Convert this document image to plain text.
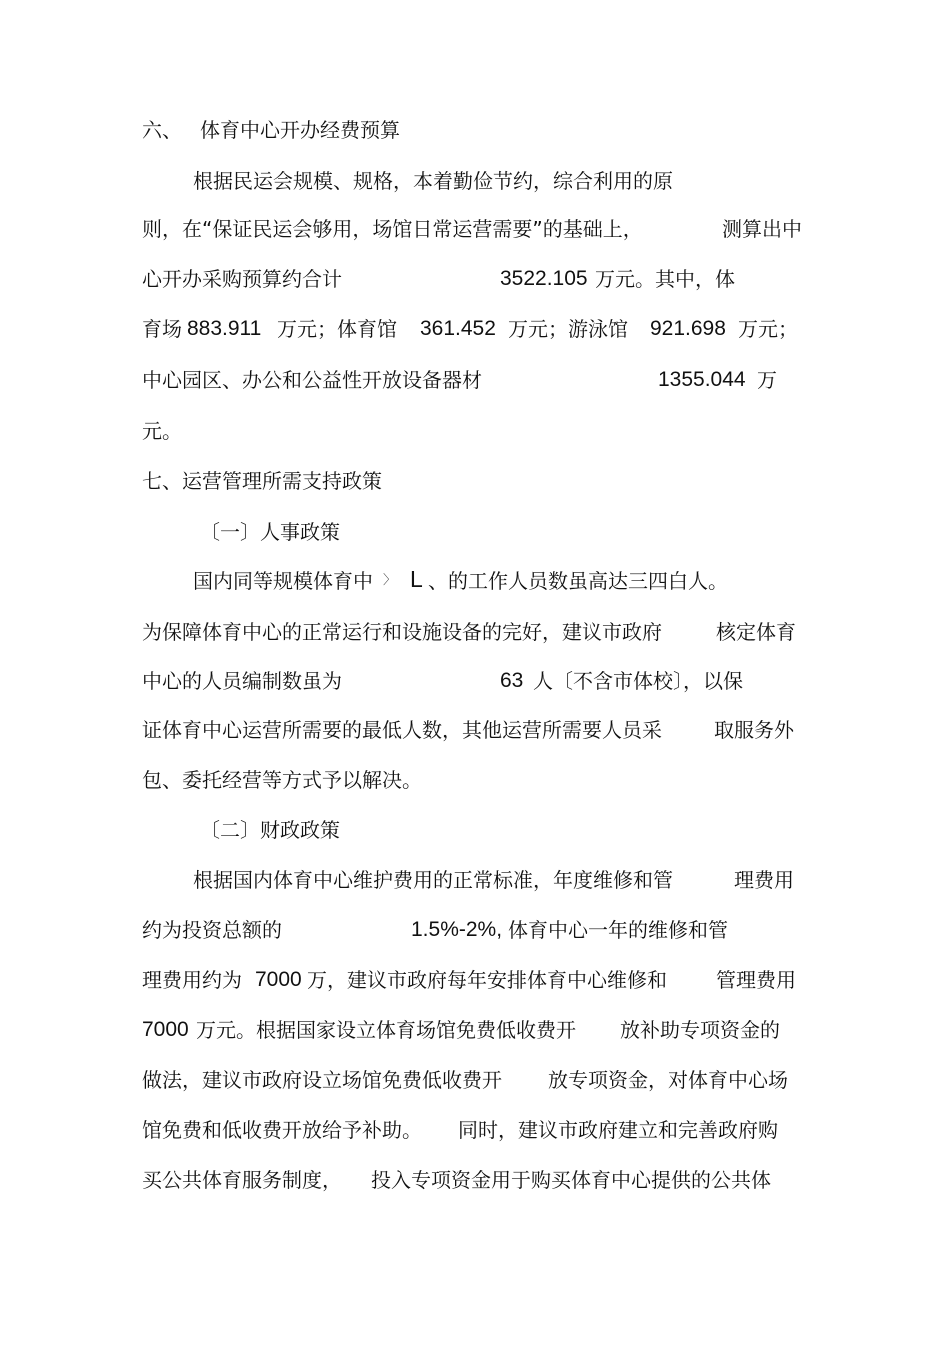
六、 体育中心开办经费预算
根据民运会规模、规格，本着勤俭节约，综合利用的原
则，在“保证民运会够用，场馆日常运营需要”的基础上，	测算出中
心开办采购预算约合计	3522.105 万元。其中，体
育场 883.911 万元；体育馆 361.452 万元；游泳馆 921.698 万元；
中心园区、办公和公益性开放设备器材	1355.044 万
元。
七、运营管理所需支持政策
〔一〕人事政策
国内同等规模体育中 〉 L 、的工作人员数虽高达三四白人。
为保障体育中心的正常运行和设施设备的完好，建议市政府	核定体育
中心的人员编制数虽为	63 人〔不含市体校〕，以保
证体育中心运营所需要的最低人数，其他运营所需要人员采	取服务外
包、委托经营等方式予以解决。
〔二〕财政政策
根据国内体育中心维护费用的正常标准，年度维修和管	理费用
约为投资总额的	1.5%-2%, 体育中心一年的维修和管
理费用约为 7000 万，建议市政府每年安排体育中心维修和 管理费用
7000 万元。根据国家设立体育场馆免费低收费开 放补助专项资金的
做法，建议市政府设立场馆免费低收费开 放专项资金，对体育中心场
馆免费和低收费开放给予补助。 同时，建议市政府建立和完善政府购
买公共体育服务制度， 投入专项资金用于购买体育中心提供的公共体
